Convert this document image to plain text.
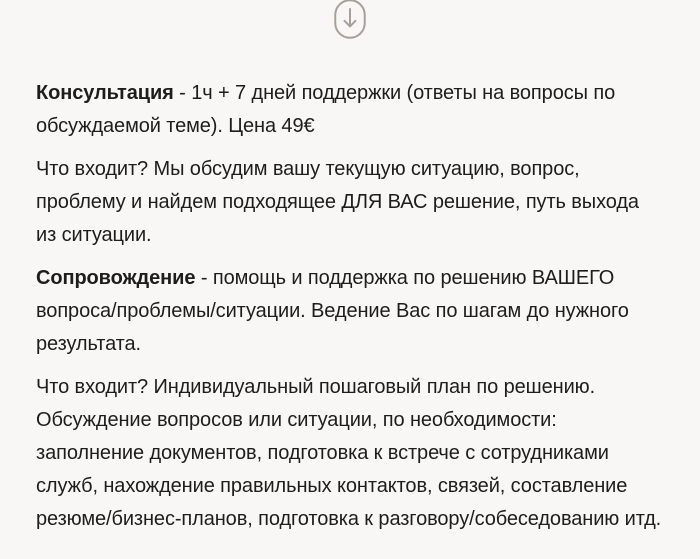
Консультация - 1ч + 7 дней поддержки (ответы на вопросы по обсуждаемой теме). Цена 49€

Что входит? Мы обсудим вашу текущую ситуацию, вопрос, проблему и найдем подходящее ДЛЯ ВАС решение, путь выхода из ситуации.

Сопровождение - помощь и поддержка по решению ВАШЕГО вопроса/проблемы/ситуации. Ведение Вас по шагам до нужного результата.

Что входит? Индивидуальный пошаговый план по решению. Обсуждение вопросов или ситуации, по необходимости: заполнение документов, подготовка к встрече с сотрудниками служб, нахождение правильных контактов, связей, составление резюме/бизнес-планов, подготовка к разговору/собеседованию итд.
